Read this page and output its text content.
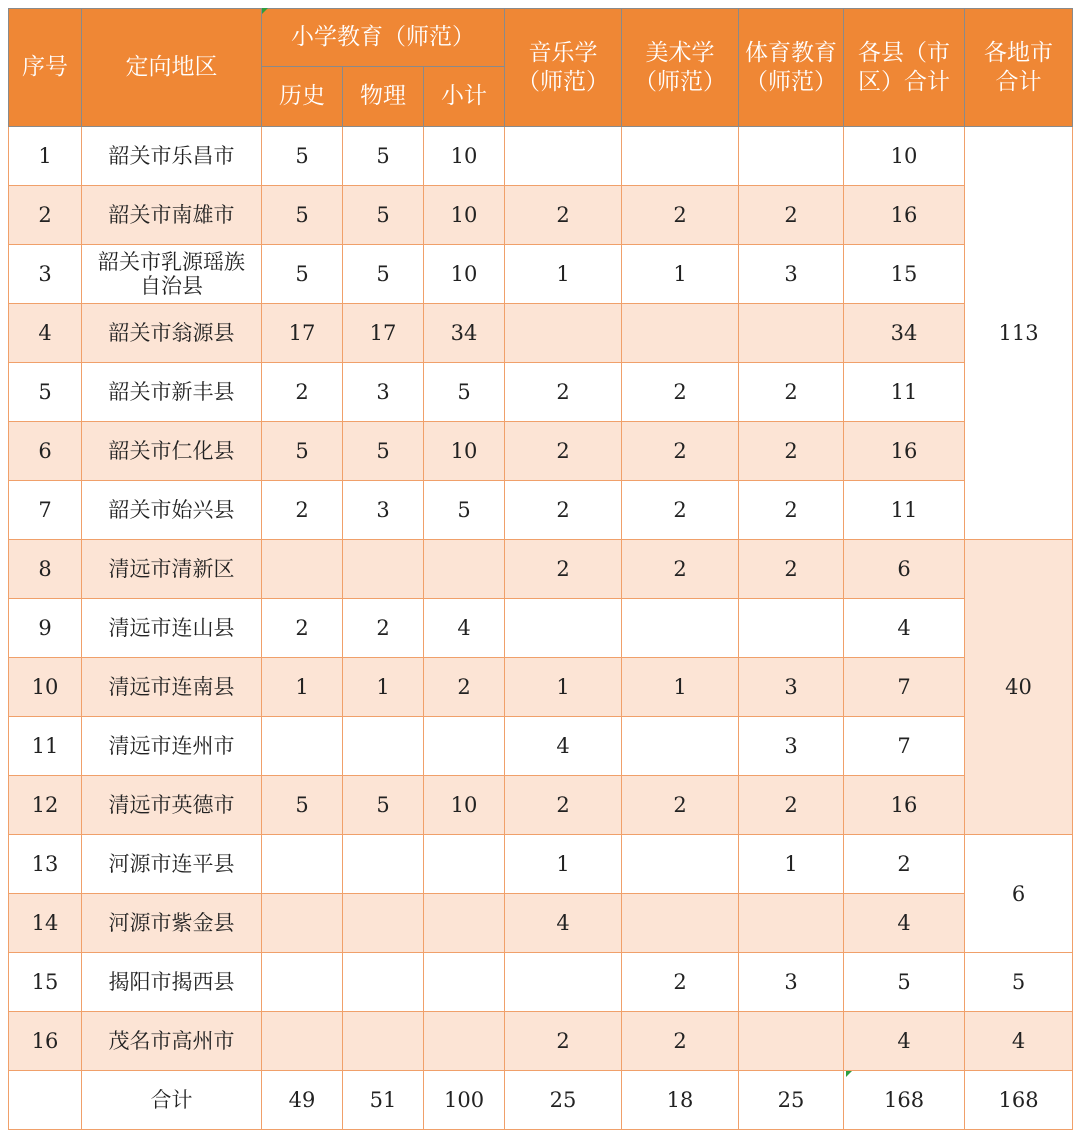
序号	定向地区	小学教育（师范）			音乐学（师范）	美术学（师范）	体育教育（师范）	各县（市区）合计	各地市合计

		历史	物理	小计					
1	韶关市乐昌市	5	5	10				10	113
2	韶关市南雄市	5	5	10	2	2	2	16	
3	韶关市乳源瑶族自治县	5	5	10	1	1	3	15	
4	韶关市翁源县	17	17	34				34	
5	韶关市新丰县	2	3	5	2	2	2	11	
6	韶关市仁化县	5	5	10	2	2	2	16	
7	韶关市始兴县	2	3	5	2	2	2	11	
8	清远市清新区				2	2	2	6	40
9	清远市连山县	2	2	4				4	
10	清远市连南县	1	1	2	1	1	3	7	
11	清远市连州市				4		3	7	
12	清远市英德市	5	5	10	2	2	2	16	
13	河源市连平县				1		1	2	6
14	河源市紫金县				4			4	
15	揭阳市揭西县					2	3	5	5
16	茂名市高州市				2	2		4	4
	合计	49	51	100	25	18	25	168	168
